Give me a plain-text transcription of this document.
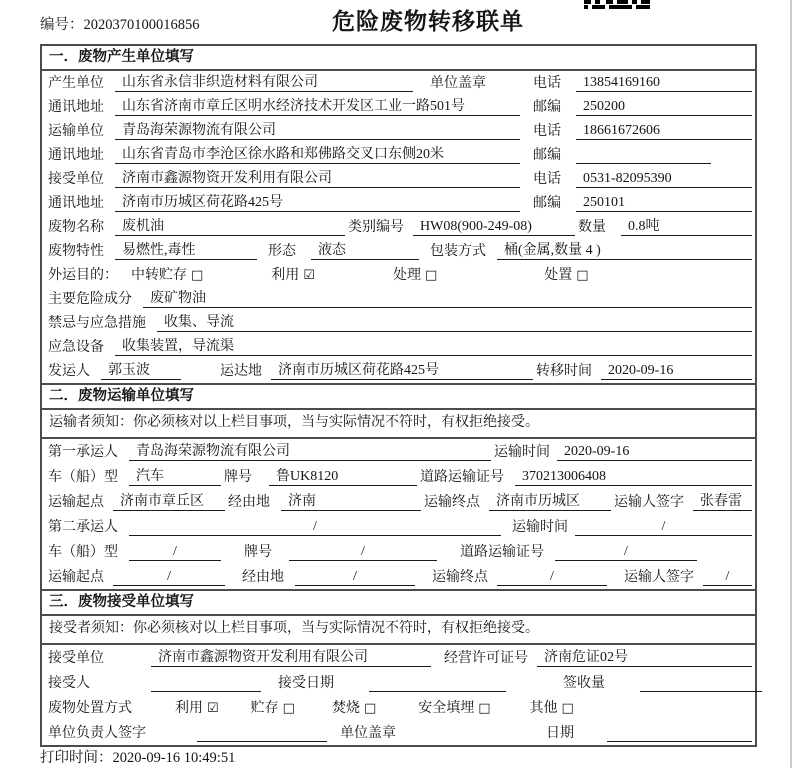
编号：2020370100016856	危险废物转移联单
一．废物产生单位填写
产生单位	山东省永信非织造材料有限公司	单位盖章	电话	13854169160
通讯地址	山东省济南市章丘区明水经济技术开发区工业一路501号	邮编	250200
运输单位	青岛海荣源物流有限公司	电话	18661672606
通讯地址	山东省青岛市李沧区徐水路和郑佛路交叉口东侧20米	邮编
接受单位	济南市鑫源物资开发利用有限公司	电话	0531-82095390
通讯地址	济南市历城区荷花路425号	邮编	250101
废物名称	废机油	类别编号	HW08(900-249-08)	数量	0.8吨
废物特性	易燃性,毒性	形态	液态	包装方式	桶(金属,数量 4 )
外运目的： 中转贮存 □	利用 ☑	处理 □	处置 □
主要危险成分	废矿物油
禁忌与应急措施	收集、导流
应急设备	收集装置，导流渠
发运人	郭玉波	运达地	济南市历城区荷花路425号	转移时间	2020-09-16
二．废物运输单位填写
运输者须知：你必须核对以上栏目事项，当与实际情况不符时，有权拒绝接受。
第一承运人	青岛海荣源物流有限公司	运输时间	2020-09-16
车（船）型	汽车	牌号	鲁UK8120	道路运输证号	370213006408
运输起点	济南市章丘区	经由地	济南	运输终点	济南市历城区	运输人签字	张春雷
第二承运人	/	运输时间	/
车（船）型	/	牌号	/	道路运输证号	/
运输起点	/	经由地	/	运输终点	/	运输人签字	/
三．废物接受单位填写
接受者须知：你必须核对以上栏目事项，当与实际情况不符时，有权拒绝接受。
接受单位	济南市鑫源物资开发利用有限公司	经营许可证号	济南危证02号
接受人	接受日期	签收量
废物处置方式	利用 ☑ 贮存 □	焚烧 □	安全填埋 □	其他 □
单位负责人签字	单位盖章	日期
打印时间：2020-09-16 10:49:51
